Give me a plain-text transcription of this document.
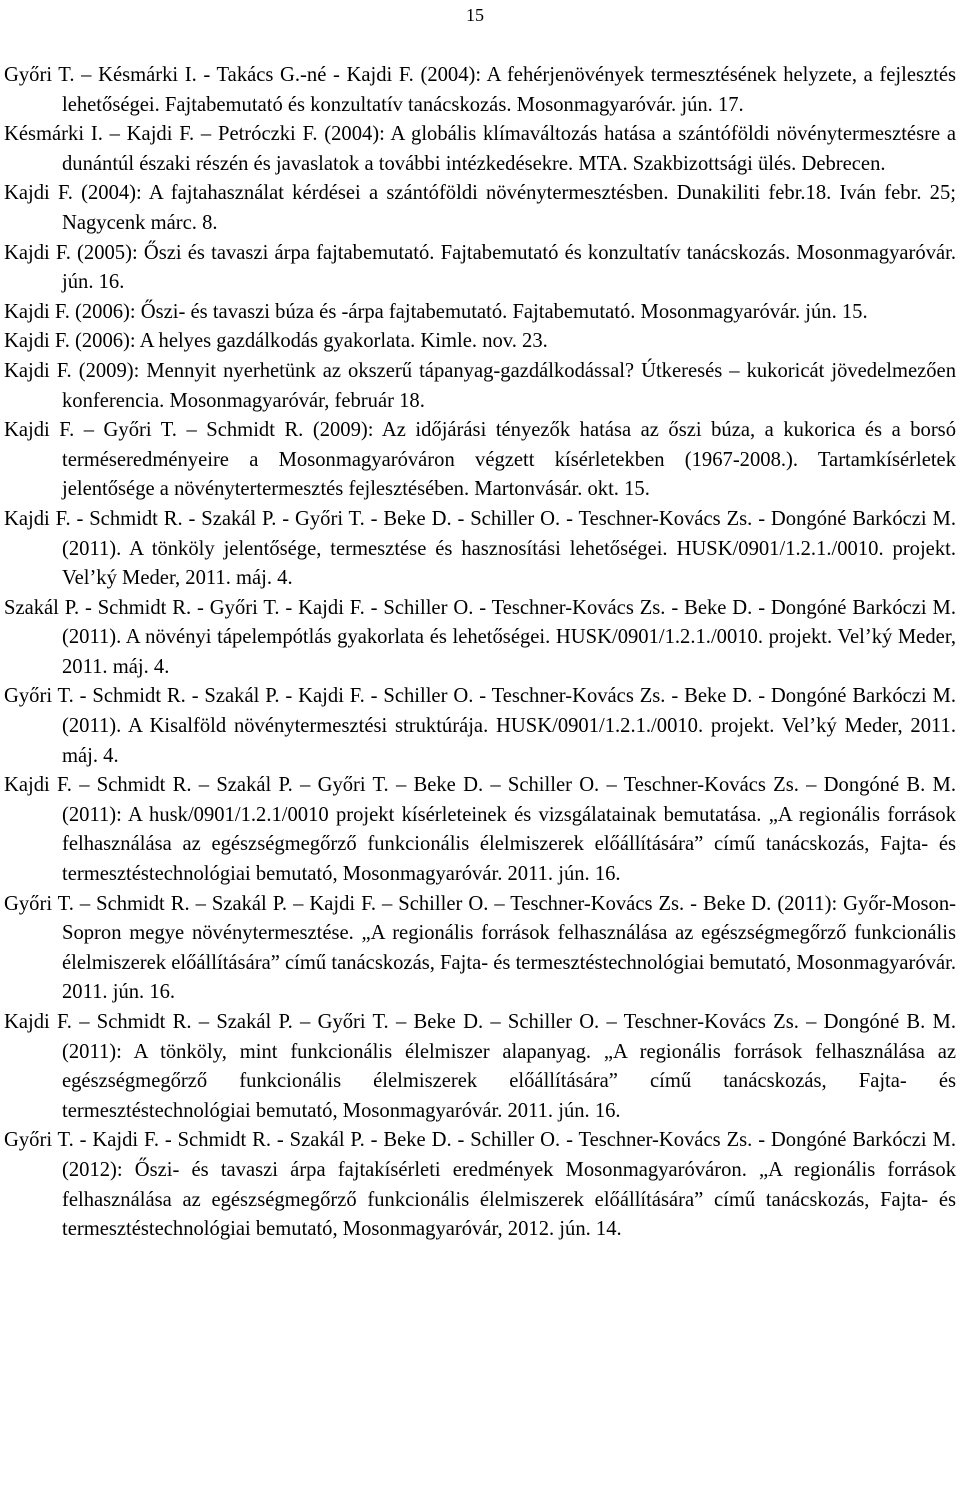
15
Győri T. – Késmárki I. - Takács G.-né - Kajdi F. (2004): A fehérjenövények termesztésének helyzete, a fejlesztés lehetőségei. Fajtabemutató és konzultatív tanácskozás. Mosonmagyaróvár. jún. 17.
Késmárki I. – Kajdi F. – Petróczki F. (2004): A globális klímaváltozás hatása a szántóföldi növénytermesztésre a dunántúl északi részén és javaslatok a további intézkedésekre. MTA. Szakbizottsági ülés. Debrecen.
Kajdi F. (2004): A fajtahasználat kérdései a szántóföldi növénytermesztésben. Dunakiliti febr.18. Iván febr. 25; Nagycenk márc. 8.
Kajdi F. (2005): Őszi és tavaszi árpa fajtabemutató. Fajtabemutató és konzultatív tanácskozás. Mosonmagyaróvár. jún. 16.
Kajdi F. (2006): Őszi- és tavaszi búza és -árpa fajtabemutató. Fajtabemutató. Mosonmagyaróvár. jún. 15.
Kajdi F. (2006): A helyes gazdálkodás gyakorlata. Kimle. nov. 23.
Kajdi F. (2009): Mennyit nyerhetünk az okszerű tápanyag-gazdálkodással? Útkeresés – kukoricát jövedelmezően konferencia. Mosonmagyaróvár, február 18.
Kajdi F. – Győri T. – Schmidt R. (2009): Az időjárási tényezők hatása az őszi búza, a kukorica és a borsó terméseredményeire a Mosonmagyaróváron végzett kísérletekben (1967-2008.). Tartamkísérletek jelentősége a növénytertermesztés fejlesztésében. Martonvásár. okt. 15.
Kajdi F. - Schmidt R. - Szakál P. - Győri T. - Beke D. - Schiller O. - Teschner-Kovács Zs. - Dongóné Barkóczi M. (2011). A tönköly jelentősége, termesztése és hasznosítási lehetőségei. HUSK/0901/1.2.1./0010. projekt. Vel’ký Meder, 2011. máj. 4.
Szakál P. - Schmidt R. - Győri T. - Kajdi F. - Schiller O. - Teschner-Kovács Zs. - Beke D. - Dongóné Barkóczi M. (2011). A növényi tápelempótlás gyakorlata és lehetőségei. HUSK/0901/1.2.1./0010. projekt. Vel’ký Meder, 2011. máj. 4.
Győri T. - Schmidt R. - Szakál P. - Kajdi F. - Schiller O. - Teschner-Kovács Zs. - Beke D. - Dongóné Barkóczi M. (2011). A Kisalföld növénytermesztési struktúrája. HUSK/0901/1.2.1./0010. projekt. Vel’ký Meder, 2011. máj. 4.
Kajdi F. – Schmidt R. – Szakál P. – Győri T. – Beke D. – Schiller O. – Teschner-Kovács Zs. – Dongóné B. M. (2011): A husk/0901/1.2.1/0010 projekt kísérleteinek és vizsgálatainak bemutatása. „A regionális források felhasználása az egészségmegőrző funkcionális élelmiszerek előállítására” című tanácskozás, Fajta- és termesztéstechnológiai bemutató, Mosonmagyaróvár. 2011. jún. 16.
Győri T. – Schmidt R. – Szakál P. – Kajdi F. – Schiller O. – Teschner-Kovács Zs. - Beke D. (2011): Győr-Moson-Sopron megye növénytermesztése. „A regionális források felhasználása az egészségmegőrző funkcionális élelmiszerek előállítására” című tanácskozás, Fajta- és termesztéstechnológiai bemutató, Mosonmagyaróvár. 2011. jún. 16.
Kajdi F. – Schmidt R. – Szakál P. – Győri T. – Beke D. – Schiller O. – Teschner-Kovács Zs. – Dongóné B. M. (2011): A tönköly, mint funkcionális élelmiszer alapanyag. „A regionális források felhasználása az egészségmegőrző funkcionális élelmiszerek előállítására” című tanácskozás, Fajta- és termesztéstechnológiai bemutató, Mosonmagyaróvár. 2011. jún. 16.
Győri T. - Kajdi F. - Schmidt R. - Szakál P. - Beke D. - Schiller O. - Teschner-Kovács Zs. - Dongóné Barkóczi M. (2012): Őszi- és tavaszi árpa fajtakísérleti eredmények Mosonmagyaróváron. „A regionális források felhasználása az egészségmegőrző funkcionális élelmiszerek előállítására” című tanácskozás, Fajta- és termesztéstechnológiai bemutató, Mosonmagyaróvár, 2012. jún. 14.
